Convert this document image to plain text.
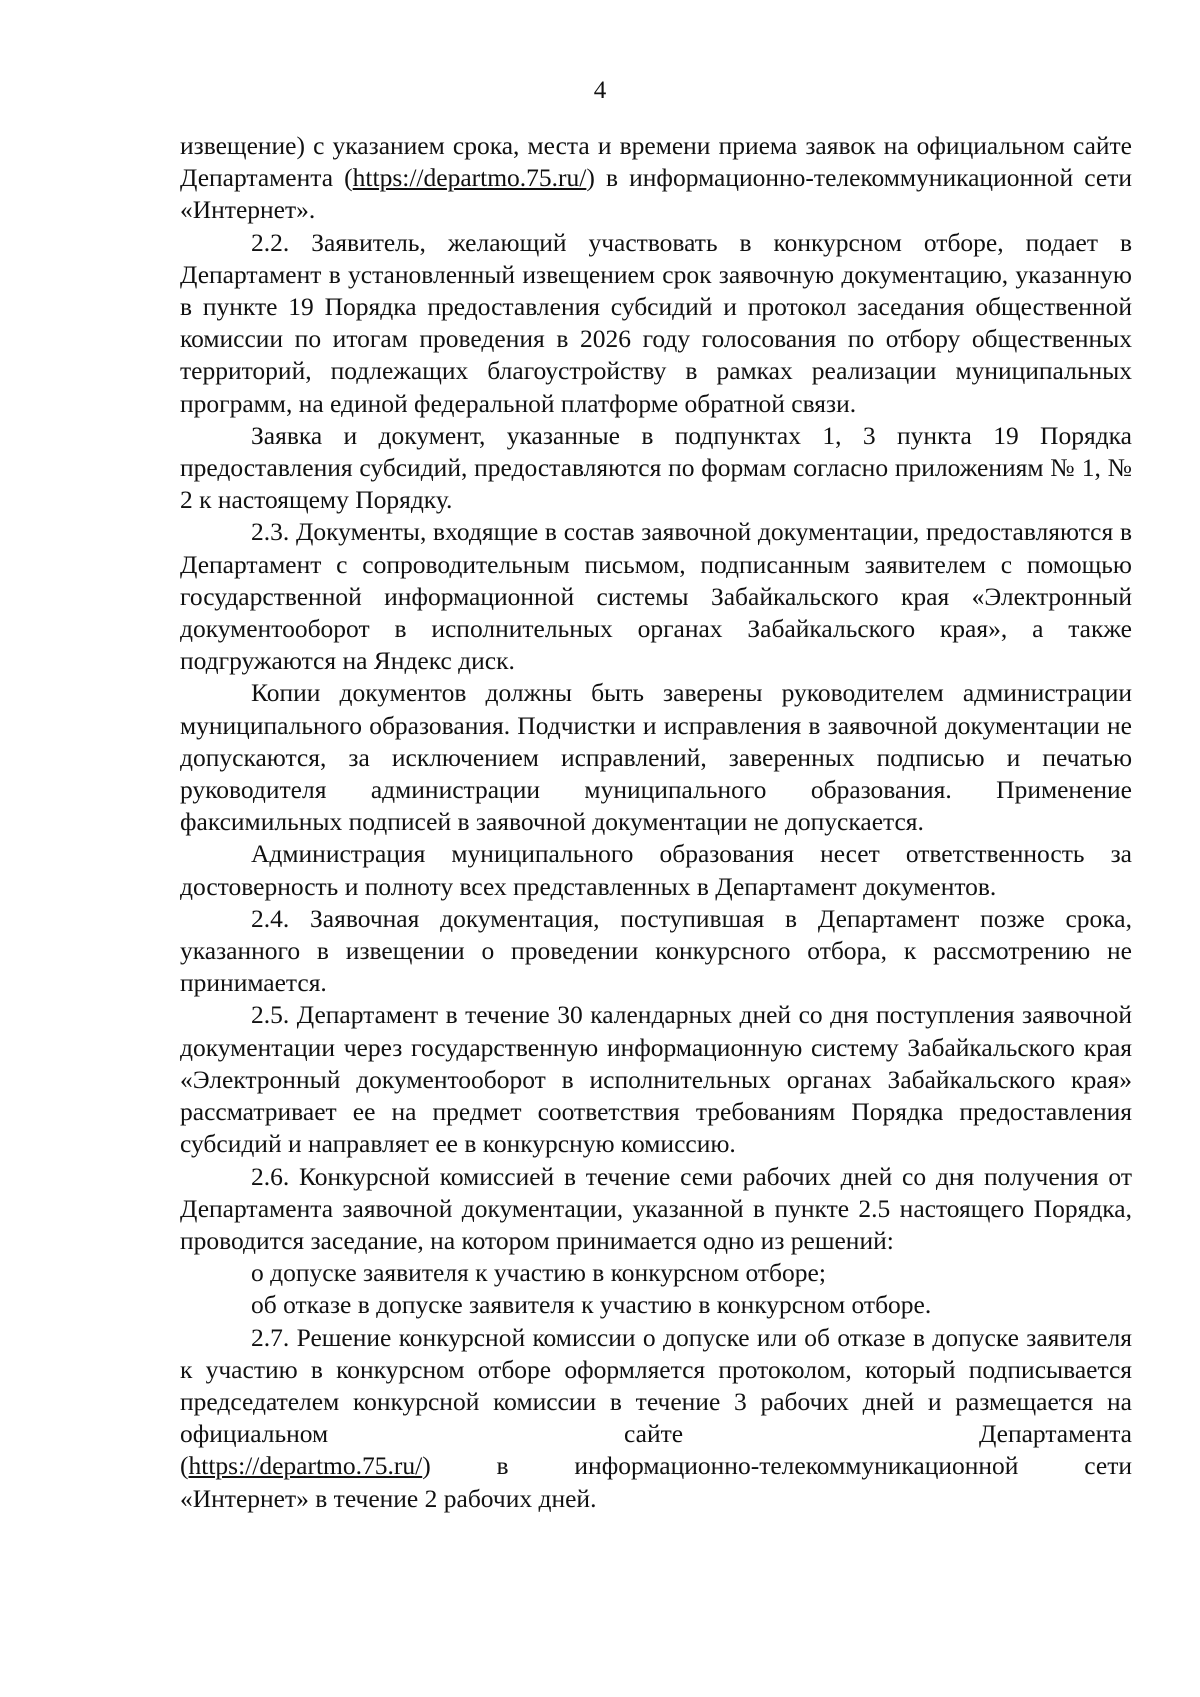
4

извещение) с указанием срока, места и времени приема заявок на официальном сайте Департамента (https://departmo.75.ru/) в информационно-телекоммуникационной сети «Интернет».

2.2. Заявитель, желающий участвовать в конкурсном отборе, подает в Департамент в установленный извещением срок заявочную документацию, указанную в пункте 19 Порядка предоставления субсидий и протокол заседания общественной комиссии по итогам проведения в 2026 году голосования по отбору общественных территорий, подлежащих благоустройству в рамках реализации муниципальных программ, на единой федеральной платформе обратной связи.

Заявка и документ, указанные в подпунктах 1, 3 пункта 19 Порядка предоставления субсидий, предоставляются по формам согласно приложениям № 1, № 2 к настоящему Порядку.

2.3. Документы, входящие в состав заявочной документации, предоставляются в Департамент с сопроводительным письмом, подписанным заявителем с помощью государственной информационной системы Забайкальского края «Электронный документооборот в исполнительных органах Забайкальского края», а также подгружаются на Яндекс диск.

Копии документов должны быть заверены руководителем администрации муниципального образования. Подчистки и исправления в заявочной документации не допускаются, за исключением исправлений, заверенных подписью и печатью руководителя администрации муниципального образования. Применение факсимильных подписей в заявочной документации не допускается.

Администрация муниципального образования несет ответственность за достоверность и полноту всех представленных в Департамент документов.

2.4. Заявочная документация, поступившая в Департамент позже срока, указанного в извещении о проведении конкурсного отбора, к рассмотрению не принимается.

2.5. Департамент в течение 30 календарных дней со дня поступления заявочной документации через государственную информационную систему Забайкальского края «Электронный документооборот в исполнительных органах Забайкальского края» рассматривает ее на предмет соответствия требованиям Порядка предоставления субсидий и направляет ее в конкурсную комиссию.

2.6. Конкурсной комиссией в течение семи рабочих дней со дня получения от Департамента заявочной документации, указанной в пункте 2.5 настоящего Порядка, проводится заседание, на котором принимается одно из решений:

о допуске заявителя к участию в конкурсном отборе;

об отказе в допуске заявителя к участию в конкурсном отборе.

2.7. Решение конкурсной комиссии о допуске или об отказе в допуске заявителя к участию в конкурсном отборе оформляется протоколом, который подписывается председателем конкурсной комиссии в течение 3 рабочих дней и размещается на официальном сайте Департамента

(https://departmo.75.ru/) в информационно-телекоммуникационной сети

«Интернет» в течение 2 рабочих дней.
